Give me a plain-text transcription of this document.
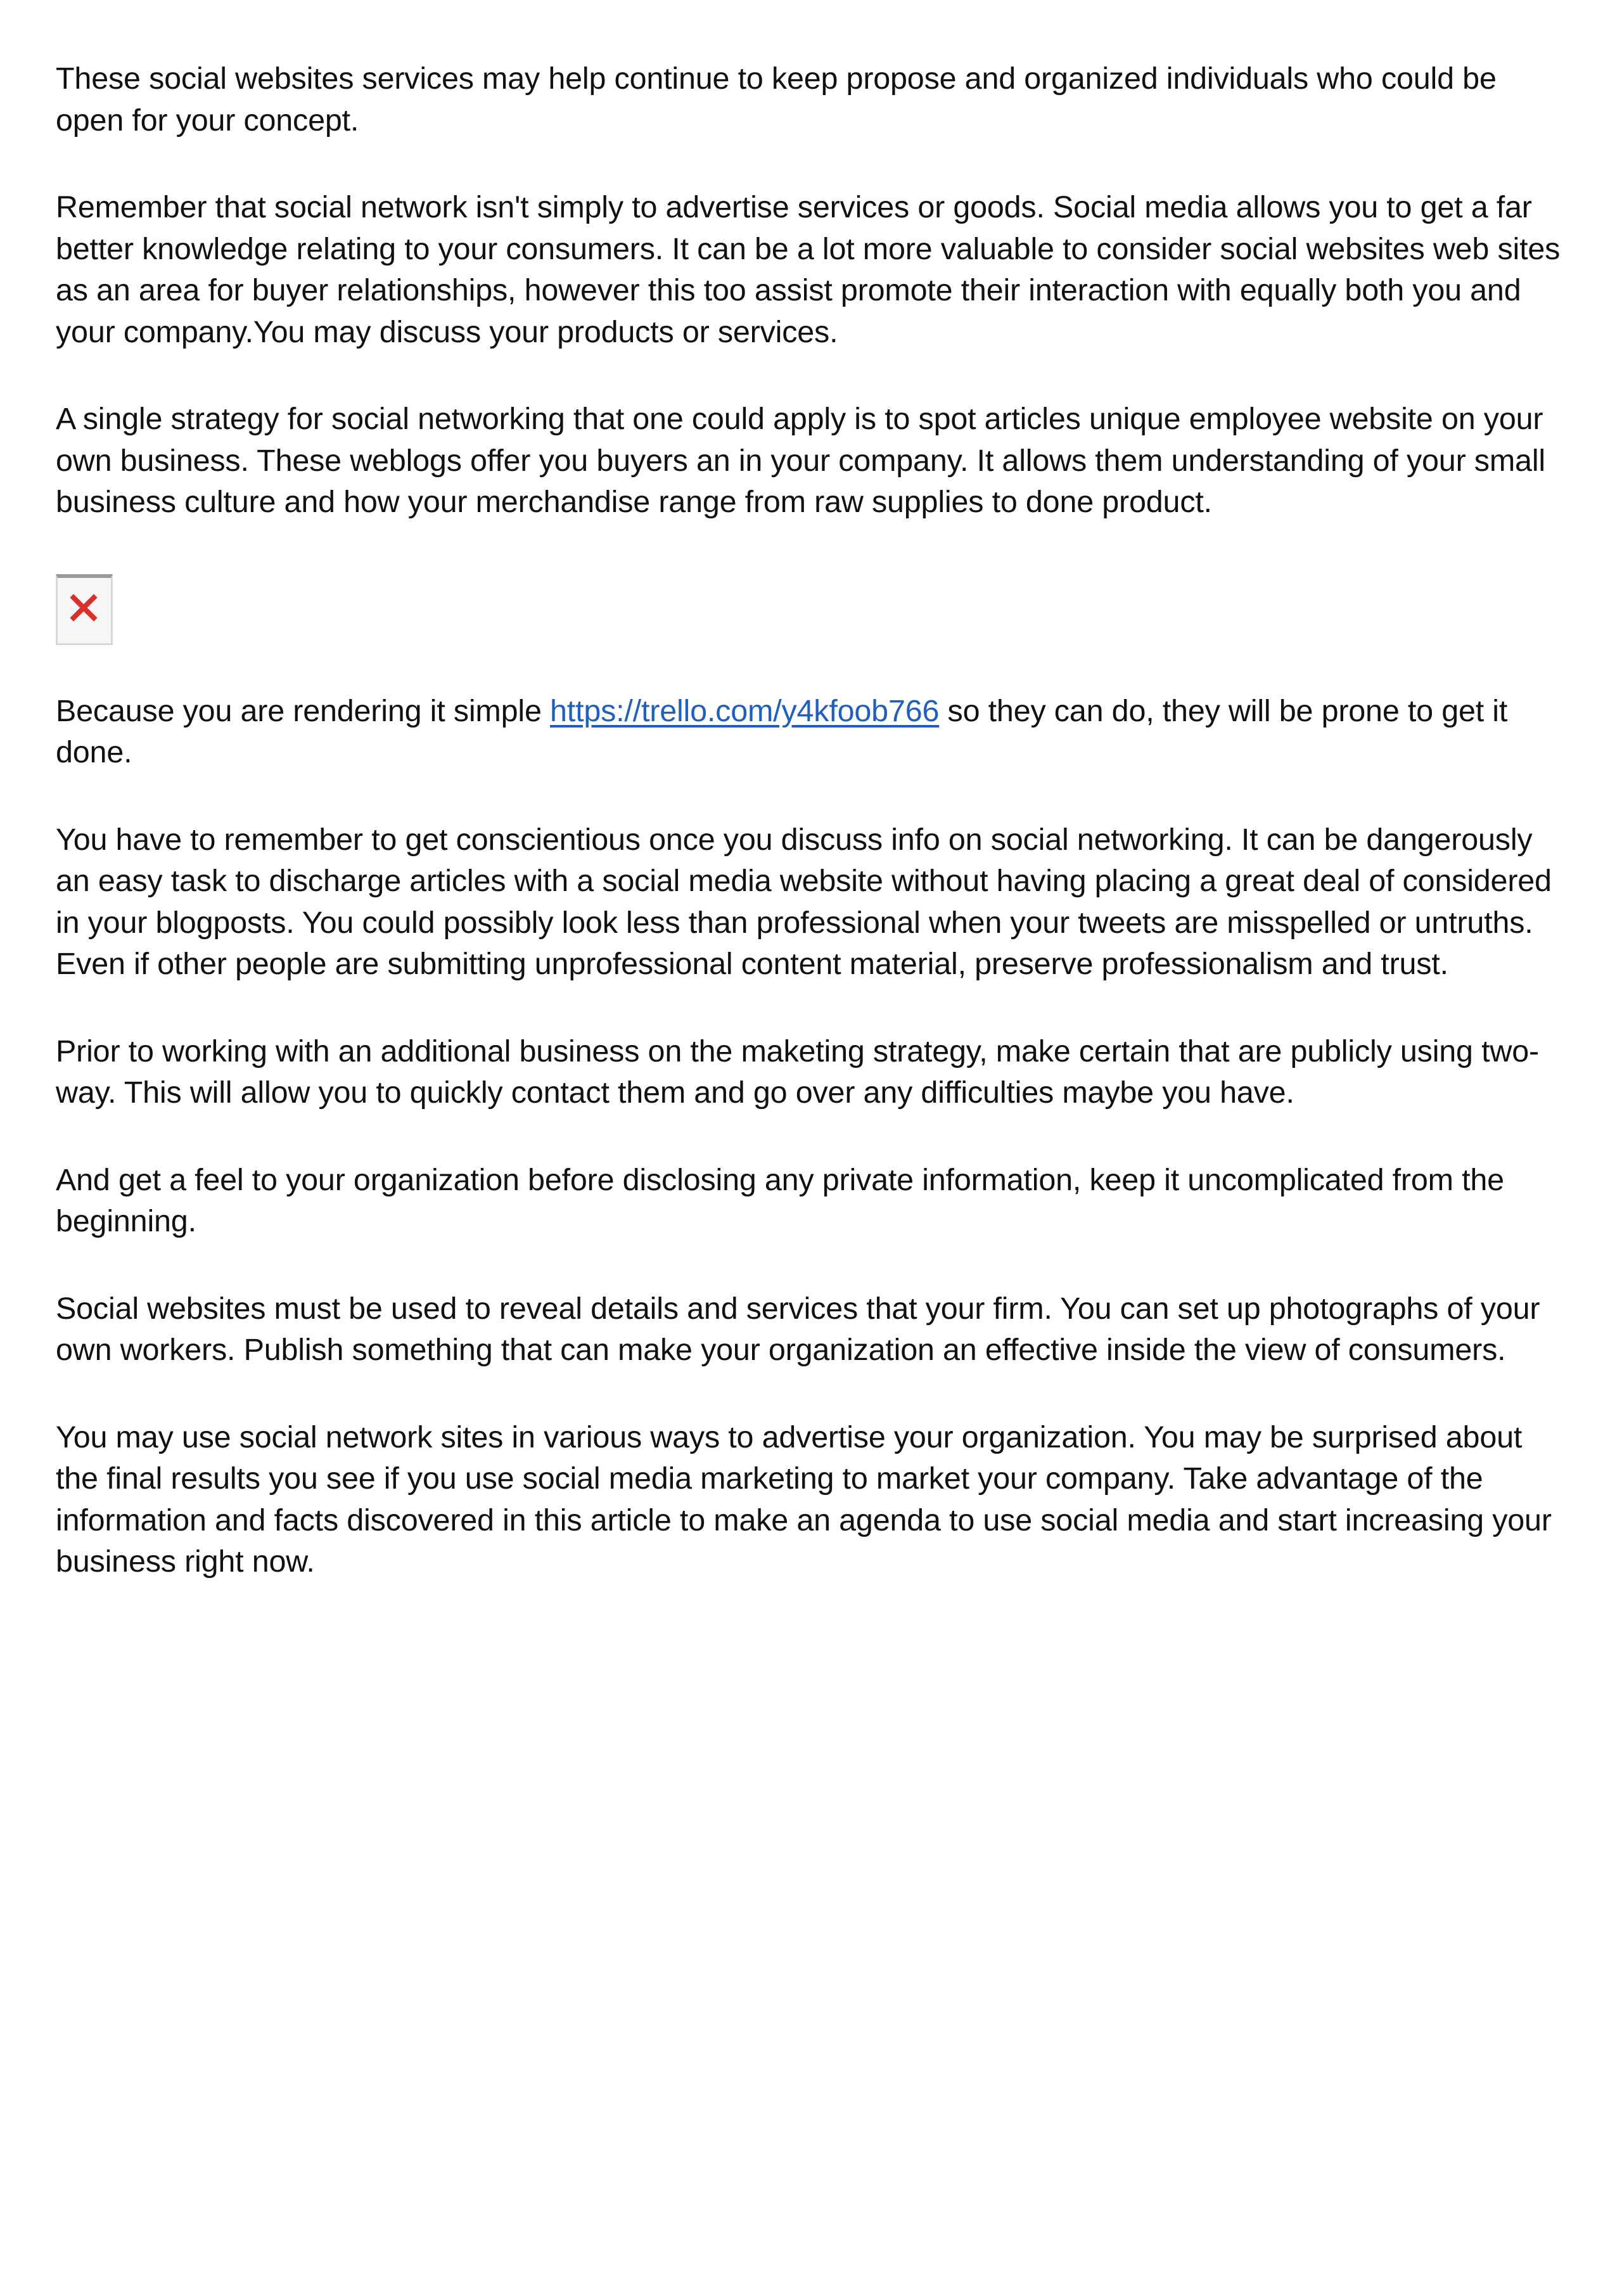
These social websites services may help continue to keep propose and organized individuals who could be open for your concept.

Remember that social network isn't simply to advertise services or goods. Social media allows you to get a far better knowledge relating to your consumers. It can be a lot more valuable to consider social websites web sites as an area for buyer relationships, however this too assist promote their interaction with equally both you and your company.You may discuss your products or services.

A single strategy for social networking that one could apply is to spot articles unique employee website on your own business. These weblogs offer you buyers an in your company. It allows them understanding of your small business culture and how your merchandise range from raw supplies to done product.

Because you are rendering it simple https://trello.com/y4kfoob766 so they can do, they will be prone to get it done.

You have to remember to get conscientious once you discuss info on social networking. It can be dangerously an easy task to discharge articles with a social media website without having placing a great deal of considered in your blogposts. You could possibly look less than professional when your tweets are misspelled or untruths. Even if other people are submitting unprofessional content material, preserve professionalism and trust.

Prior to working with an additional business on the maketing strategy, make certain that are publicly using two-way. This will allow you to quickly contact them and go over any difficulties maybe you have.

And get a feel to your organization before disclosing any private information, keep it uncomplicated from the beginning.

Social websites must be used to reveal details and services that your firm. You can set up photographs of your own workers. Publish something that can make your organization an effective inside the view of consumers.

You may use social network sites in various ways to advertise your organization. You may be surprised about the final results you see if you use social media marketing to market your company. Take advantage of the information and facts discovered in this article to make an agenda to use social media and start increasing your business right now.
